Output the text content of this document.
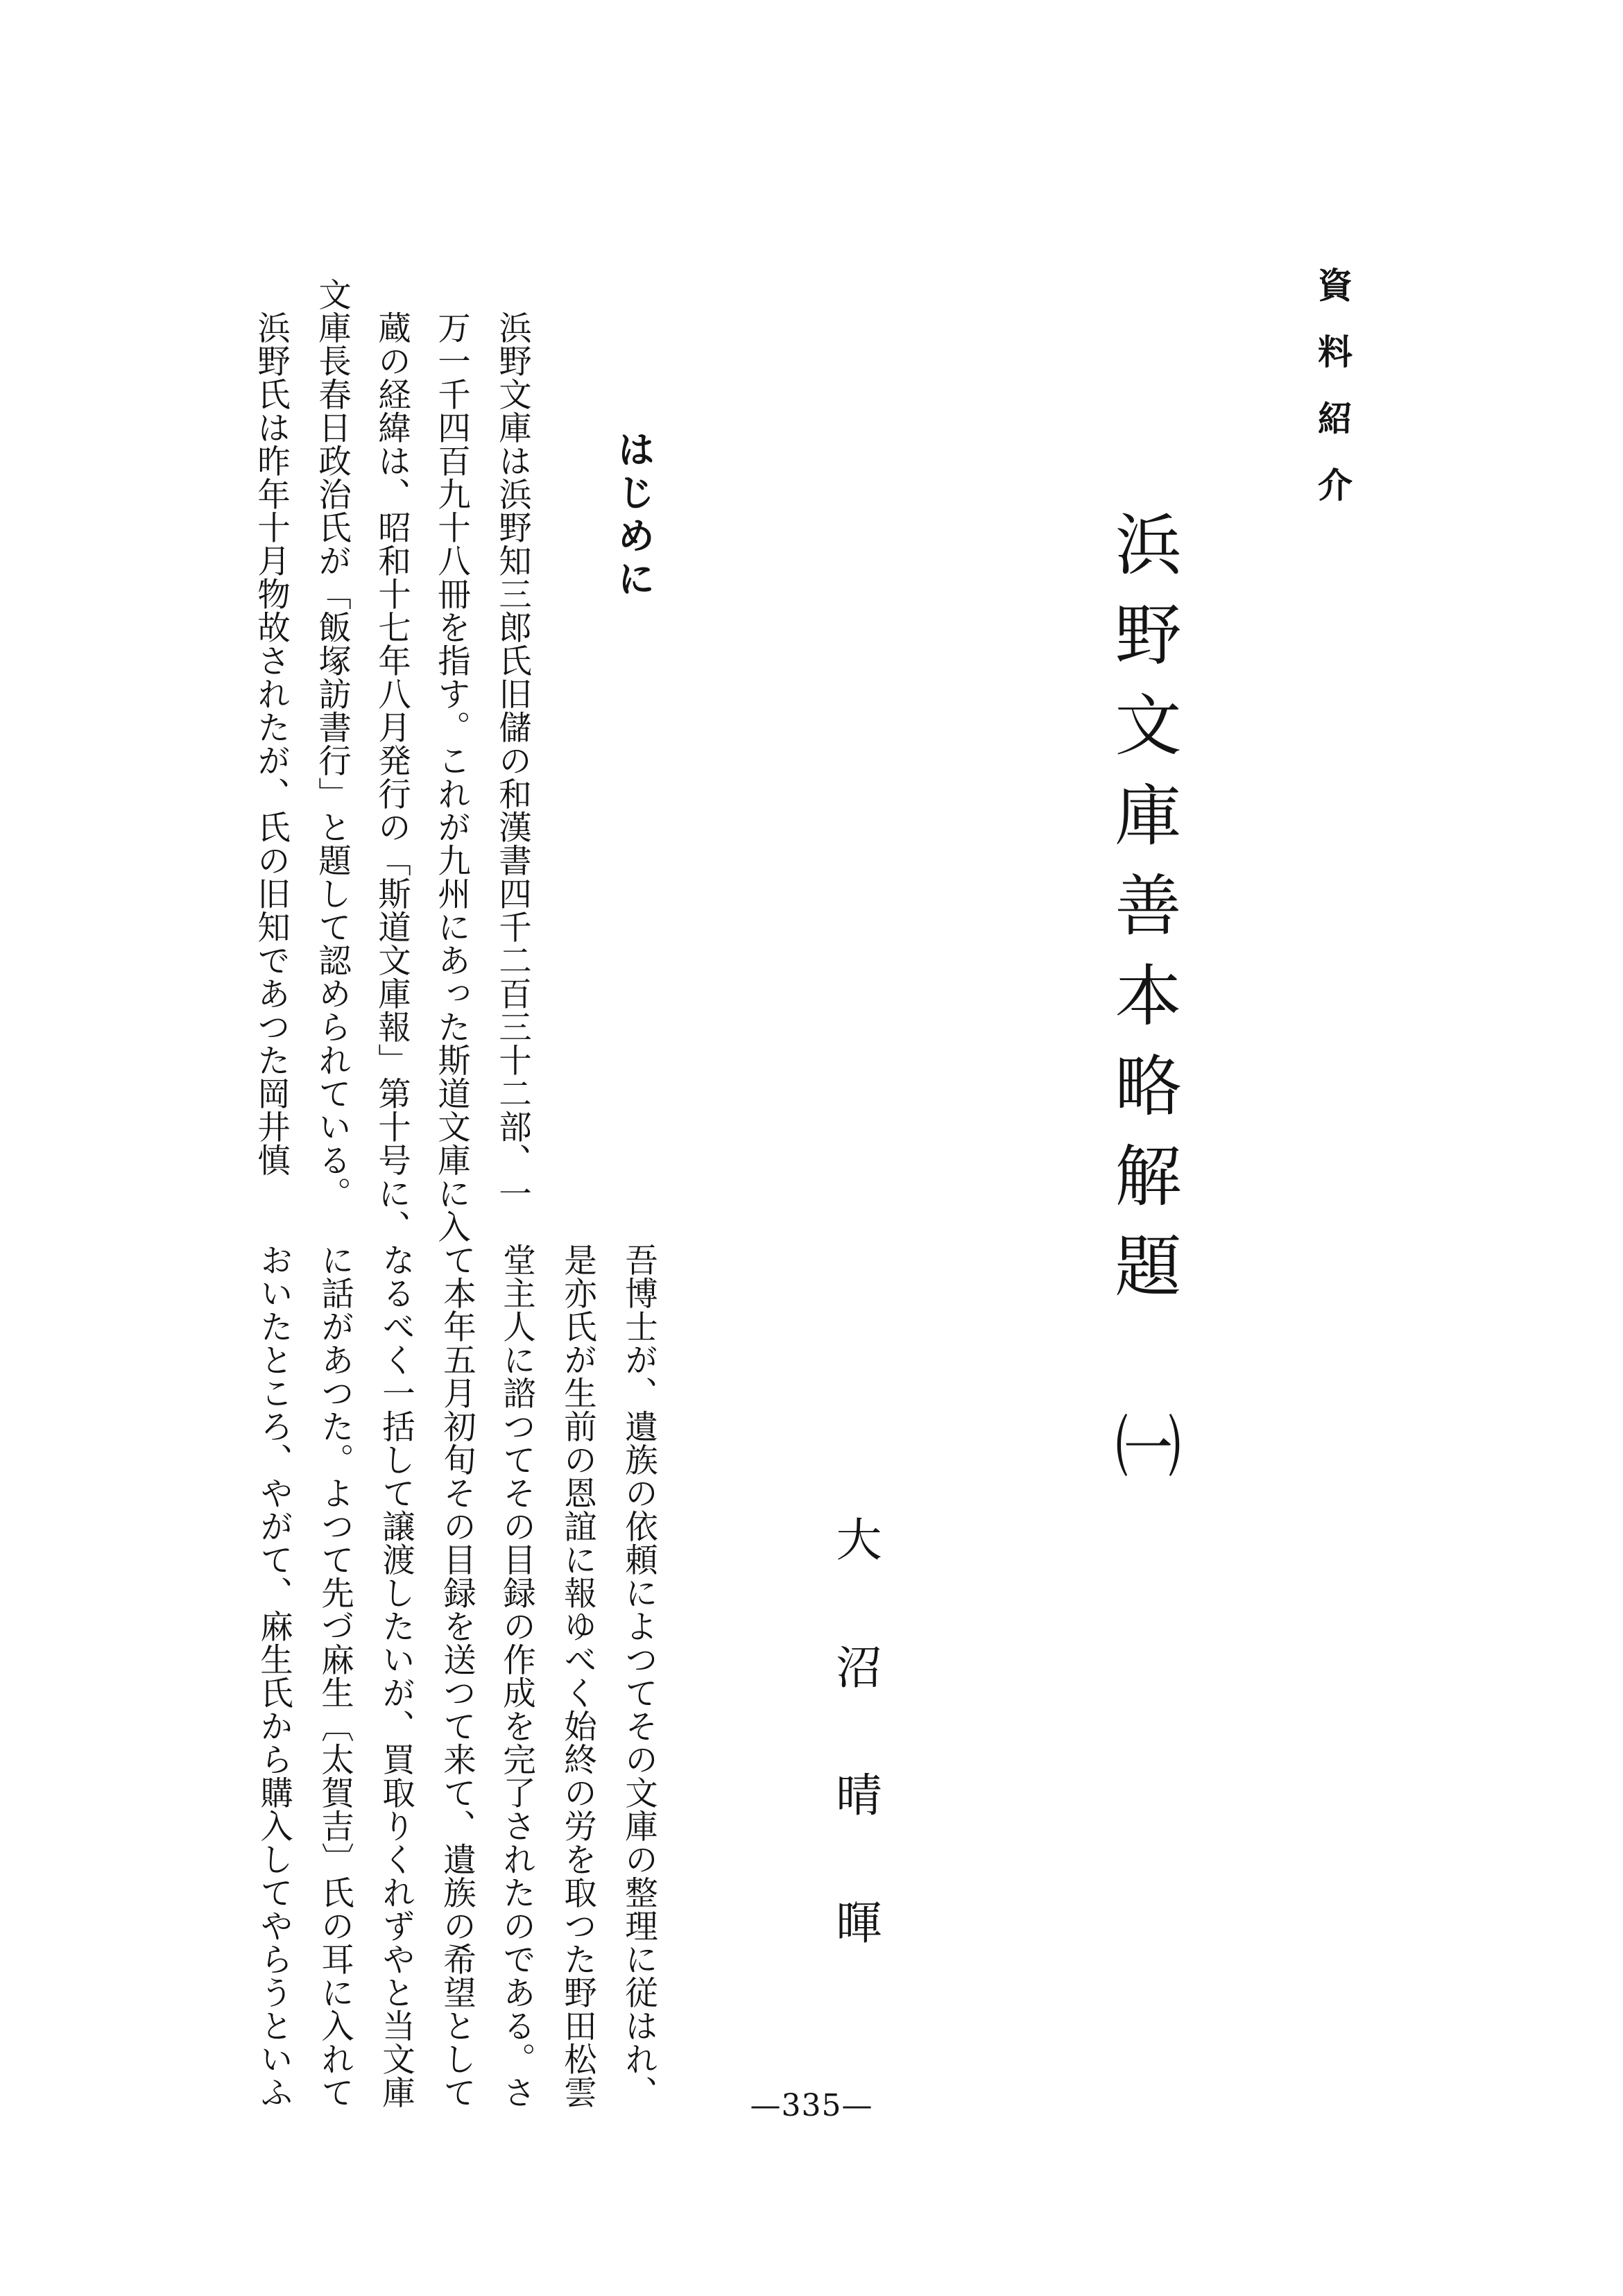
資料紹介
浜野文庫善本略解題　㈠
大沼晴暉
はじめに

浜野文庫は浜野知三郎氏旧儲の和漢書四千二百三十二部、一

万一千四百九十八冊を指す。これが九州にあった斯道文庫に入

蔵の経緯は、昭和十七年八月発行の「斯道文庫報」第十号に、

文庫長春日政治氏が「飯塚訪書行」と題して認められている。

浜野氏は昨年十月物故されたが、氏の旧知であつた岡井慎

吾博士が、遺族の依頼によつてその文庫の整理に従はれ、

是亦氏が生前の恩誼に報ゆべく始終の労を取つた野田松雲

堂主人に諮つてその目録の作成を完了されたのである。さ

て本年五月初旬その目録を送つて来て、遺族の希望として

なるべく一括して譲渡したいが、買取りくれずやと当文庫

に話があつた。よつて先づ麻生〔太賀吉〕氏の耳に入れて

おいたところ、やがて、麻生氏から購入してやらうといふ	—335—
